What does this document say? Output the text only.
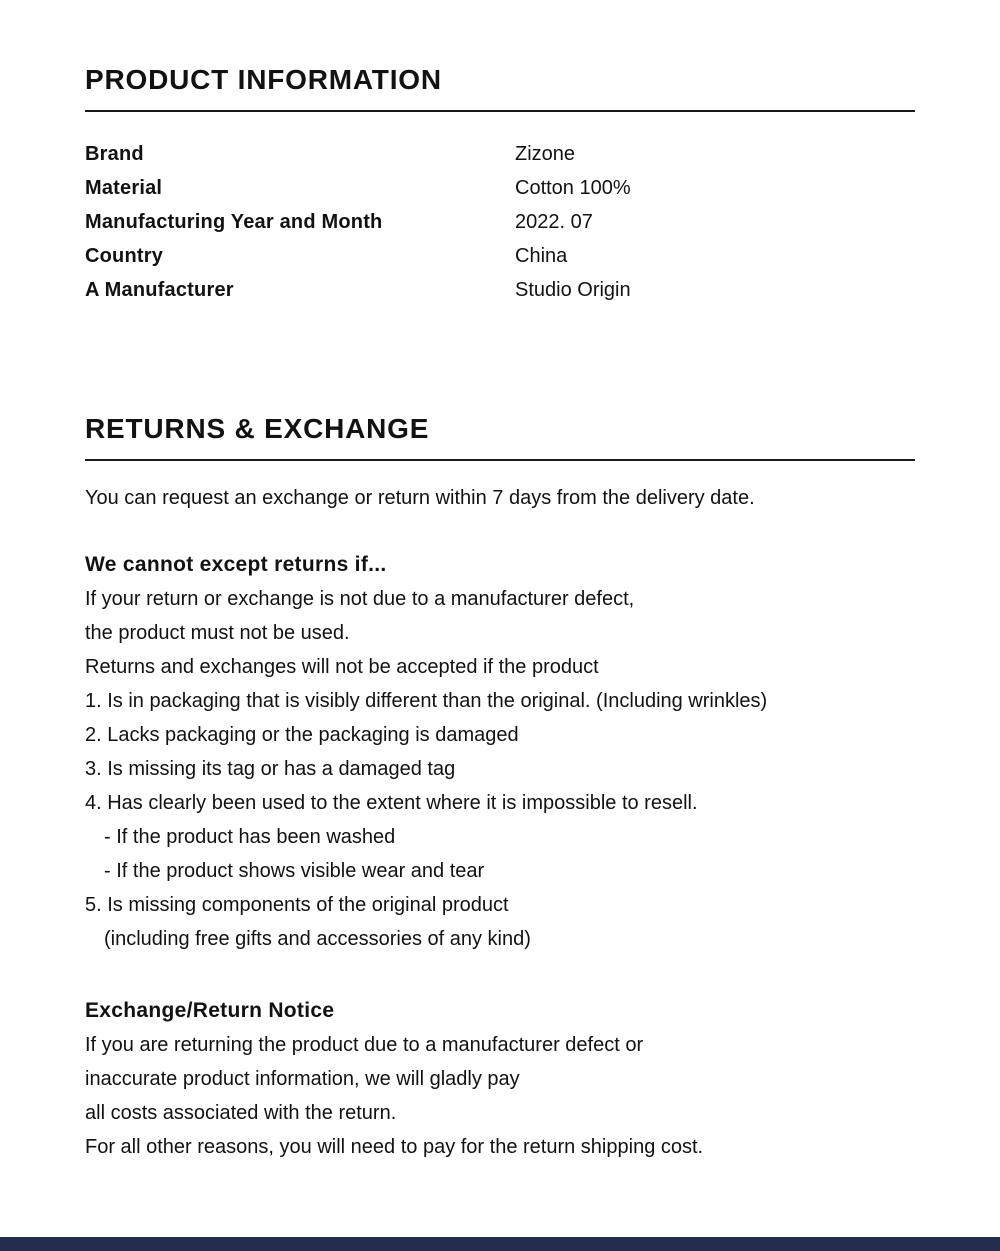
PRODUCT INFORMATION
Brand	Zizone
Material	Cotton 100%
Manufacturing Year and Month	2022. 07
Country	China
A Manufacturer	Studio Origin
RETURNS & EXCHANGE

You can request an exchange or return within 7 days from the delivery date.

We cannot except returns if...
If your return or exchange is not due to a manufacturer defect,
the product must not be used.
Returns and exchanges will not be accepted if the product
1. Is in packaging that is visibly different than the original. (Including wrinkles)
2. Lacks packaging or the packaging is damaged
3. Is missing its tag or has a damaged tag
4. Has clearly been used to the extent where it is impossible to resell.
- If the product has been washed
- If the product shows visible wear and tear
5. Is missing components of the original product
(including free gifts and accessories of any kind)
Exchange/Return Notice
If you are returning the product due to a manufacturer defect or
inaccurate product information, we will gladly pay
all costs associated with the return.
For all other reasons, you will need to pay for the return shipping cost.
